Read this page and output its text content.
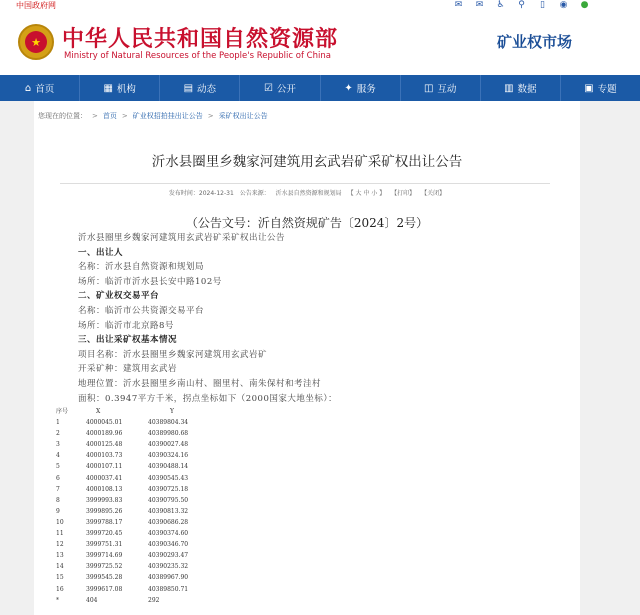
中国政府网	✉ ✉ ♿ ⚲	▯	◉ ●
★ 中华人民共和国自然资源部
Ministry of Natural Resources of the People's Republic of China
矿业权市场
⌂ 首页	▦ 机构	▤ 动态	☑ 公开	✦ 服务	◫ 互动	▥ 数据	▣ 专题
您现在的位置： > 首页 > 矿业权招拍挂出让公告 > 采矿权出让公告
沂水县圈里乡魏家河建筑用玄武岩矿采矿权出让公告
发布时间：2024-12-31 公告来源： 沂水县自然资源和规划局 【 大 中 小 】 【打印】 【关闭】
（公告文号：沂自然资规矿告〔2024〕2号）
沂水县圈里乡魏家河建筑用玄武岩矿采矿权出让公告
一、出让人
名称：沂水县自然资源和规划局
场所：临沂市沂水县长安中路102号
二、矿业权交易平台
名称：临沂市公共资源交易平台
场所：临沂市北京路8号
三、出让采矿权基本情况
项目名称：沂水县圈里乡魏家河建筑用玄武岩矿
开采矿种：建筑用玄武岩
地理位置：沂水县圈里乡南山村、圈里村、南朱保村和考洼村
面积：0.3947平方千米，拐点坐标如下（2000国家大地坐标）：
序号	X	Y
1	4000045.01	40389804.34
2	4000189.96	40389980.68
3	4000125.48	40390027.48
4	4000103.73	40390324.16
5	4000107.11	40390488.14
6	4000037.41	40390545.43
7	4000108.13	40390725.18
8	3999993.83	40390795.50
9	3999895.26	40390813.32
10	3999788.17	40390686.28
11	3999720.45	40390374.60
12	3999751.31	40390346.70
13	3999714.69	40390293.47
14	3999725.52	40390235.32
15	3999545.28	40389967.90
16	3999617.08	40389850.71
*	404	292
